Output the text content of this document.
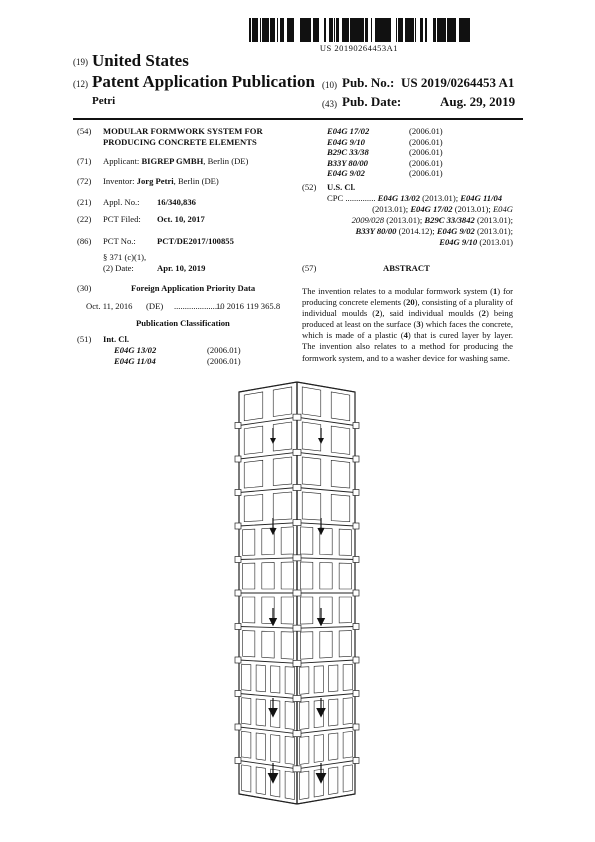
US 20190264453A1
(19) United States
(12) Patent Application Publication
Petri
(10) Pub. No.: US 2019/0264453 A1
(43) Pub. Date:	Aug. 29, 2019
(54) MODULAR FORMWORK SYSTEM FOR
PRODUCING CONCRETE ELEMENTS
(71) Applicant: BIGREP GMBH, Berlin (DE)
(72) Inventor: Jorg Petri, Berlin (DE)
(21) Appl. No.: 16/340,836
(22) PCT Filed: Oct. 10, 2017
(86) PCT No.: PCT/DE2017/100855
§ 371 (c)(1),
(2) Date:	Apr. 10, 2019
(30)	Foreign Application Priority Data
Oct. 11, 2016 (DE) ......................
10 2016 119 365.8
Publication Classification
(51) Int. Cl.
E04G 13/02	(2006.01)
E04G 11/04	(2006.01)
E04G 17/02	(2006.01)
E04G 9/10	(2006.01)
B29C 33/38	(2006.01)
B33Y 80/00	(2006.01)
E04G 9/02	(2006.01)
(52) U.S. Cl.
CPC .............. E04G 13/02 (2013.01); E04G 11/04
(2013.01); E04G 17/02 (2013.01); E04G
2009/028 (2013.01); B29C 33/3842 (2013.01);
B33Y 80/00 (2014.12); E04G 9/02 (2013.01);
E04G 9/10 (2013.01)
(57)	ABSTRACT
The invention relates to a modular formwork system (1) for producing concrete elements (20), consisting of a plurality of individual moulds (2), said individual moulds (2) being produced at least on the surface (3) which faces the concrete, which is made of a plastic (4) that is cured layer by layer. The invention also relates to a method for producing the formwork system, and to a washer device for washing same.
